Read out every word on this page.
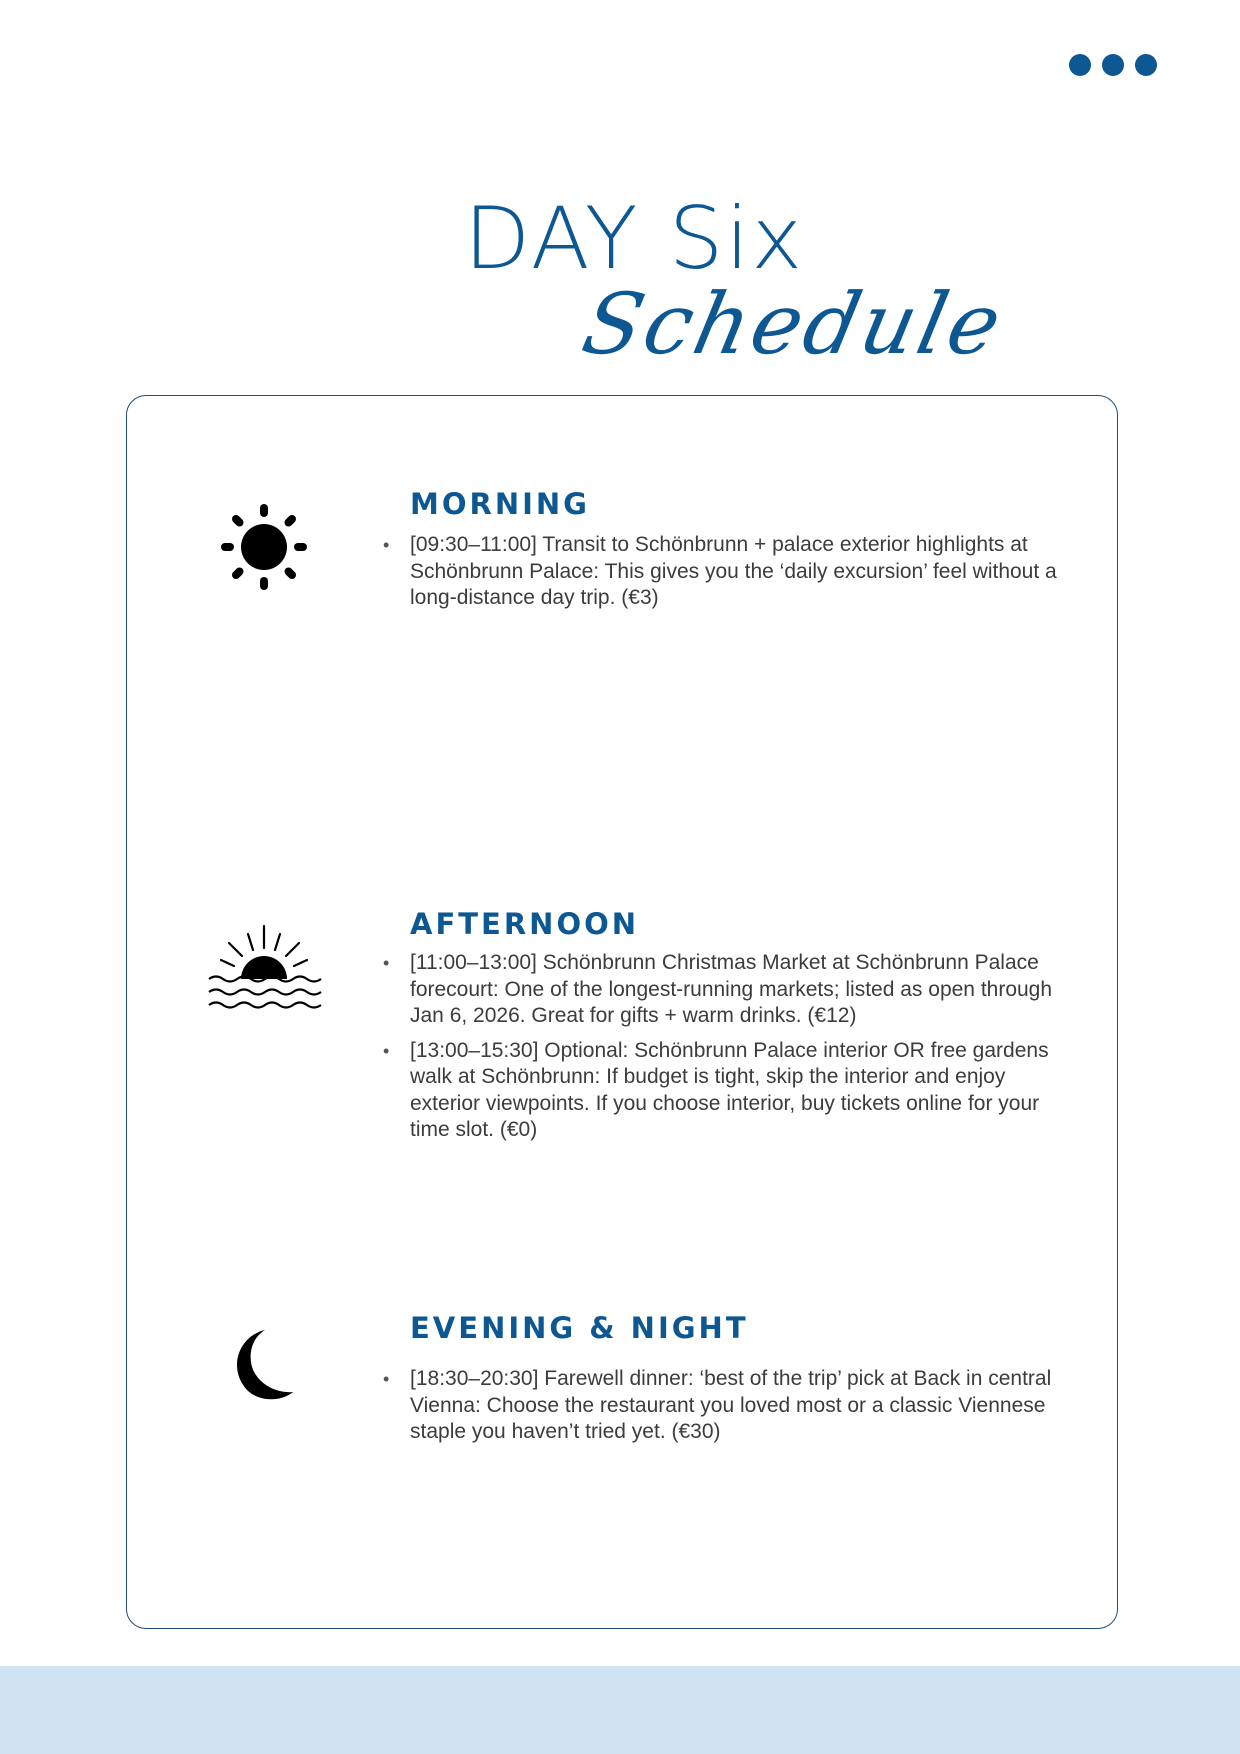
DAY Six
Schedule
MORNING
• [09:30–11:00] Transit to Schönbrunn + palace exterior highlights at Schönbrunn Palace: This gives you the ‘daily excursion’ feel without a long-distance day trip. (€3)
AFTERNOON
• [11:00–13:00] Schönbrunn Christmas Market at Schönbrunn Palace forecourt: One of the longest-running markets; listed as open through Jan 6, 2026. Great for gifts + warm drinks. (€12)
• [13:00–15:30] Optional: Schönbrunn Palace interior OR free gardens walk at Schönbrunn: If budget is tight, skip the interior and enjoy exterior viewpoints. If you choose interior, buy tickets online for your time slot. (€0)
EVENING & NIGHT
• [18:30–20:30] Farewell dinner: ‘best of the trip’ pick at Back in central Vienna: Choose the restaurant you loved most or a classic Viennese staple you haven’t tried yet. (€30)
